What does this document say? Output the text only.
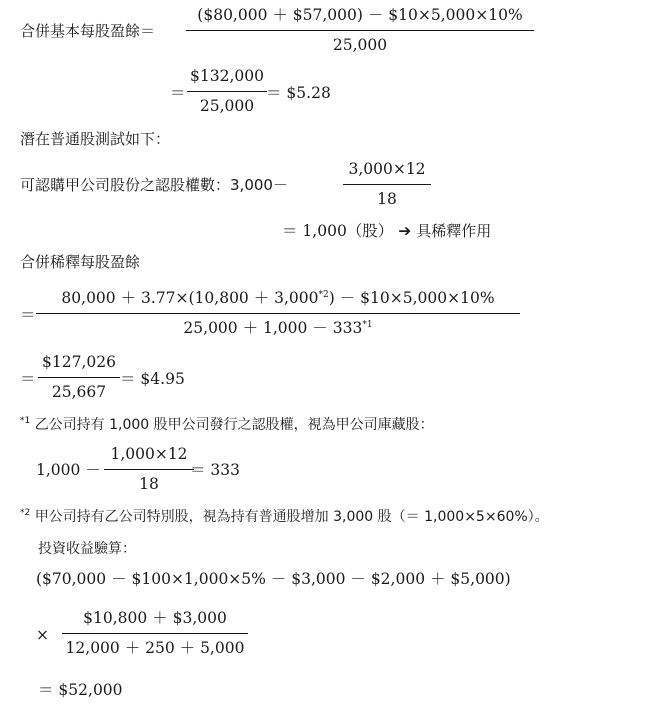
合併基本每股盈餘＝
($80,000 ＋ $57,000) － $10×5,000×10%
25,000
＝
$132,000
25,000
＝ $5.28
潛在普通股測試如下：
可認購甲公司股份之認股權數：3,000－
3,000×12
18
＝ 1,000（股） ➔ 具稀釋作用
合併稀釋每股盈餘
＝
$80,000 + 3.77\times(10,800 + 3,000^{*2})$ － $10×5,000×10%
$25,000 + 1,000 - 333^{*1}$
＝
$127,026
25,667
＝ $4.95
$^{*1}$ 乙公司持有 1,000 股甲公司發行之認股權，視為甲公司庫藏股：
1,000 －
1,000×12
18
＝ 333
$^{*2}$ 甲公司持有乙公司特別股，視為持有普通股增加 3,000 股（＝ 1,000×5×60%）。
投資收益驗算：
($70,000 － $100×1,000×5% － $3,000 － $2,000 ＋ $5,000)
×
$10,800 ＋ $3,000
12,000 ＋ 250 ＋ 5,000
＝ $52,000
